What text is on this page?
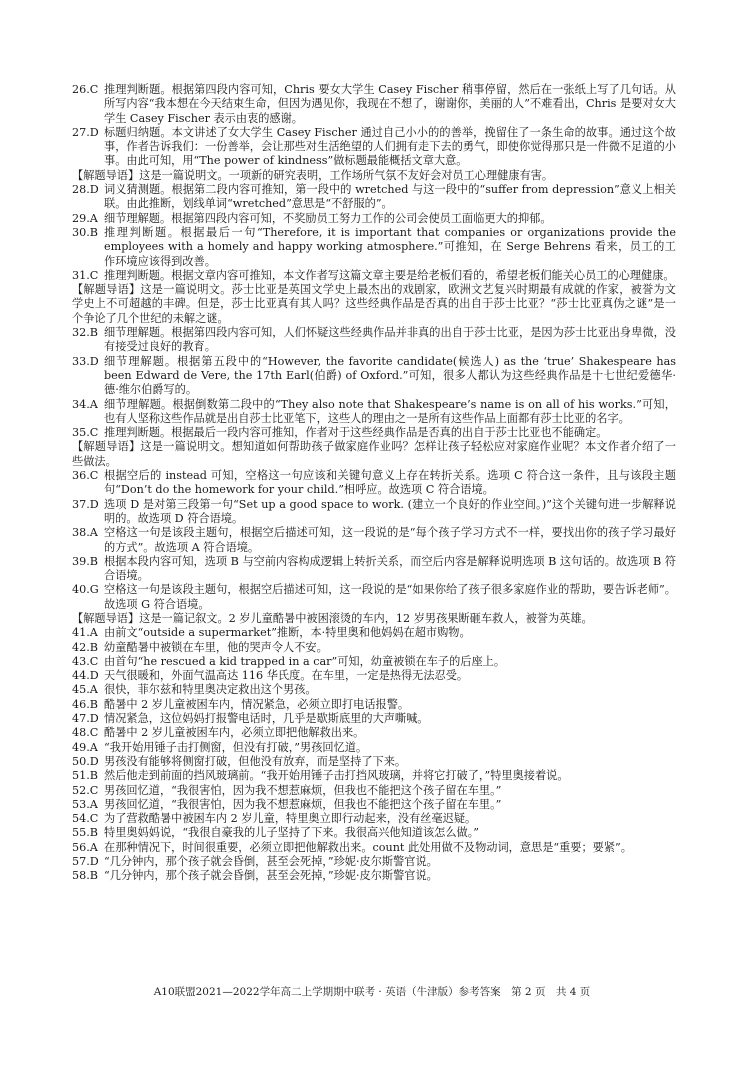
26.C 推理判断题。根据第四段内容可知，Chris 要女大学生 Casey Fischer 稍事停留，然后在一张纸上写了几句话。从所写内容“我本想在今天结束生命，但因为遇见你，我现在不想了，谢谢你，美丽的人”不难看出，Chris 是要对女大学生 Casey Fischer 表示由衷的感谢。
27.D 标题归纳题。本文讲述了女大学生 Casey Fischer 通过自己小小的的善举，挽留住了一条生命的故事。通过这个故事，作者告诉我们：一份善举，会让那些对生活绝望的人们拥有走下去的勇气，即使你觉得那只是一件微不足道的小事。由此可知，用“The power of kindness”做标题最能概括文章大意。
【解题导语】这是一篇说明文。一项新的研究表明，工作场所气氛不友好会对员工心理健康有害。
28.D 词义猜测题。根据第二段内容可推知，第一段中的 wretched 与这一段中的“suffer from depression”意义上相关联。由此推断，划线单词“wretched”意思是“不舒服的”。
29.A 细节理解题。根据第四段内容可知，不奖励员工努力工作的公司会使员工面临更大的抑郁。
30.B 推理判断题。根据最后一句“Therefore, it is important that companies or organizations provide the employees with a homely and happy working atmosphere.”可推知，在 Serge Behrens 看来，员工的工作环境应该得到改善。
31.C 推理判断题。根据文章内容可推知，本文作者写这篇文章主要是给老板们看的，希望老板们能关心员工的心理健康。
【解题导语】这是一篇说明文。莎士比亚是英国文学史上最杰出的戏剧家，欧洲文艺复兴时期最有成就的作家，被誉为文学史上不可超越的丰碑。但是，莎士比亚真有其人吗？这些经典作品是否真的出自于莎士比亚？“莎士比亚真伪之谜”是一个争论了几个世纪的未解之谜。
32.B 细节理解题。根据第四段内容可知，人们怀疑这些经典作品并非真的出自于莎士比亚，是因为莎士比亚出身卑微，没有接受过良好的教育。
33.D 细节理解题。根据第五段中的“However, the favorite candidate(候选人) as the ‘true’ Shakespeare has been Edward de Vere, the 17th Earl(伯爵) of Oxford.”可知，很多人都认为这些经典作品是十七世纪爱德华·德·维尔伯爵写的。
34.A 细节理解题。根据倒数第二段中的“They also note that Shakespeare’s name is on all of his works.”可知，也有人坚称这些作品就是出自莎士比亚笔下，这些人的理由之一是所有这些作品上面都有莎士比亚的名字。
35.C 推理判断题。根据最后一段内容可推知，作者对于这些经典作品是否真的出自于莎士比亚也不能确定。
【解题导语】这是一篇说明文。想知道如何帮助孩子做家庭作业吗？怎样让孩子轻松应对家庭作业呢？本文作者介绍了一些做法。
36.C 根据空后的 instead 可知，空格这一句应该和关键句意义上存在转折关系。选项 C 符合这一条件，且与该段主题句“Don’t do the homework for your child.”相呼应。故选项 C 符合语境。
37.D 选项 D 是对第三段第一句“Set up a good space to work. (建立一个良好的作业空间。)”这个关键句进一步解释说明的。故选项 D 符合语境。
38.A 空格这一句是该段主题句，根据空后描述可知，这一段说的是“每个孩子学习方式不一样，要找出你的孩子学习最好的方式”。故选项 A 符合语境。
39.B 根据本段内容可知，选项 B 与空前内容构成逻辑上转折关系，而空后内容是解释说明选项 B 这句话的。故选项 B 符合语境。
40.G 空格这一句是该段主题句，根据空后描述可知，这一段说的是“如果你给了孩子很多家庭作业的帮助，要告诉老师”。 故选项 G 符合语境。
【解题导语】这是一篇记叙文。2 岁儿童酷暑中被困滚烫的车内，12 岁男孩果断砸车救人，被誉为英雄。
41.A 由前文“outside a supermarket”推断，本·特里奥和他妈妈在超市购物。
42.B 幼童酷暑中被锁在车里，他的哭声令人不安。
43.C 由首句“he rescued a kid trapped in a car”可知，幼童被锁在车子的后座上。
44.D 天气很暖和，外面气温高达 116 华氏度。在车里，一定是热得无法忍受。
45.A 很快，菲尔兹和特里奥决定救出这个男孩。
46.B 酷暑中 2 岁儿童被困车内，情况紧急，必须立即打电话报警。
47.D 情况紧急，这位妈妈打报警电话时，几乎是歇斯底里的大声嘶喊。
48.C 酷暑中 2 岁儿童被困车内，必须立即把他解救出来。
49.A “我开始用锤子击打侧窗，但没有打破，”男孩回忆道。
50.D 男孩没有能够将侧窗打破，但他没有放弃，而是坚持了下来。
51.B 然后他走到前面的挡风玻璃前。“我开始用锤子击打挡风玻璃，并将它打破了，”特里奥接着说。
52.C 男孩回忆道，“我很害怕，因为我不想惹麻烦，但我也不能把这个孩子留在车里。”
53.A 男孩回忆道，“我很害怕，因为我不想惹麻烦，但我也不能把这个孩子留在车里。”
54.C 为了营救酷暑中被困车内 2 岁儿童，特里奥立即行动起来，没有丝毫迟疑。
55.B 特里奥妈妈说，“我很自豪我的儿子坚持了下来。我很高兴他知道该怎么做。”
56.A 在那种情况下，时间很重要，必须立即把他解救出来。count 此处用做不及物动词，意思是“重要；要紧”。
57.D “几分钟内，那个孩子就会昏倒，甚至会死掉，”珍妮·皮尔斯警官说。
58.B “几分钟内，那个孩子就会昏倒，甚至会死掉，”珍妮·皮尔斯警官说。
A10联盟2021—2022学年高二上学期期中联考 · 英语（牛津版）参考答案　第 2 页　共 4 页
